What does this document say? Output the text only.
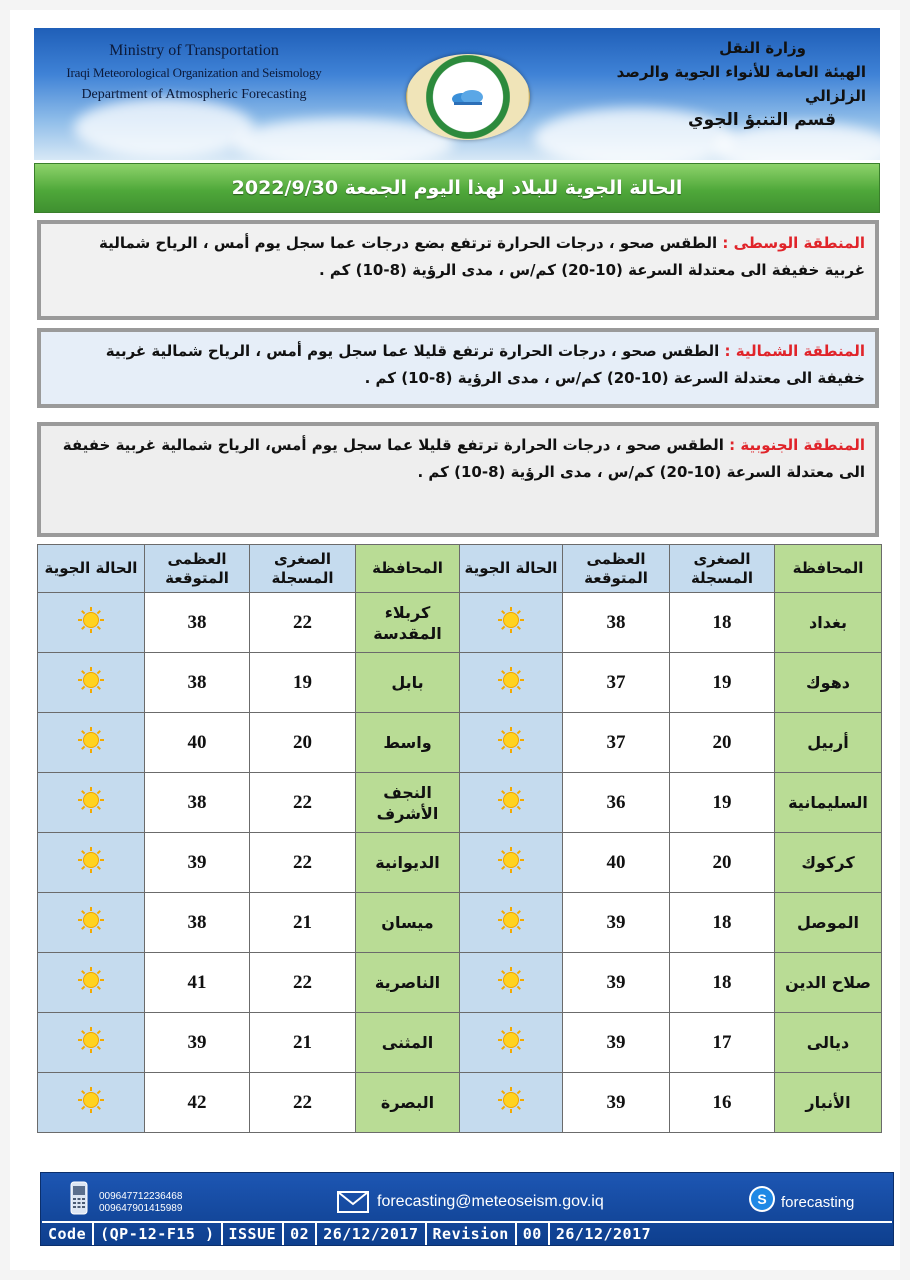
Ministry of Transportation
Iraqi Meteorological Organization and Seismology
Department of Atmospheric Forecasting
وزارة النقل
الهيئة العامة للأنواء الجوية والرصد الزلزالي
قسم التنبؤ الجوي
الحالة الجوية للبلاد لهذا اليوم الجمعة 2022/9/30
المنطقة الوسطى : الطقس صحو ، درجات الحرارة ترتفع بضع درجات عما سجل يوم أمس ، الرياح شمالية غربية خفيفة الى معتدلة السرعة (10-20) كم/س ، مدى الرؤية (8-10) كم .
المنطقة الشمالية : الطقس صحو ، درجات الحرارة ترتفع قليلا عما سجل يوم أمس ، الرياح شمالية غربية خفيفة الى معتدلة السرعة (10-20) كم/س ، مدى الرؤية (8-10) كم .
المنطقة الجنوبية : الطقس صحو ، درجات الحرارة ترتفع قليلا عما سجل يوم أمس، الرياح شمالية غربية خفيفة الى معتدلة السرعة (10-20) كم/س ، مدى الرؤية (8-10) كم .
المحافظة	الصغرى المسجلة	العظمى المتوقعة	الحالة الجوية	المحافظة	الصغرى المسجلة	العظمى المتوقعة	الحالة الجوية
بغداد	18	38		كربلاء المقدسة	22	38	

دهوك	19	37		بابل	19	38	

أربيل	20	37		واسط	20	40	

السليمانية	19	36		النجف الأشرف	22	38	

كركوك	20	40		الديوانية	22	39	

الموصل	18	39		ميسان	21	38	

صلاح الدين	18	39		الناصرية	22	41	

ديالى	17	39		المثنى	21	39	

الأنبار	16	39		البصرة	22	42	
009647712236468
009647901415989	forecasting@meteoseism.gov.iq	S forecasting
Code (QP-12-F15 ) ISSUE 02 26/12/2017 Revision 00 26/12/2017
